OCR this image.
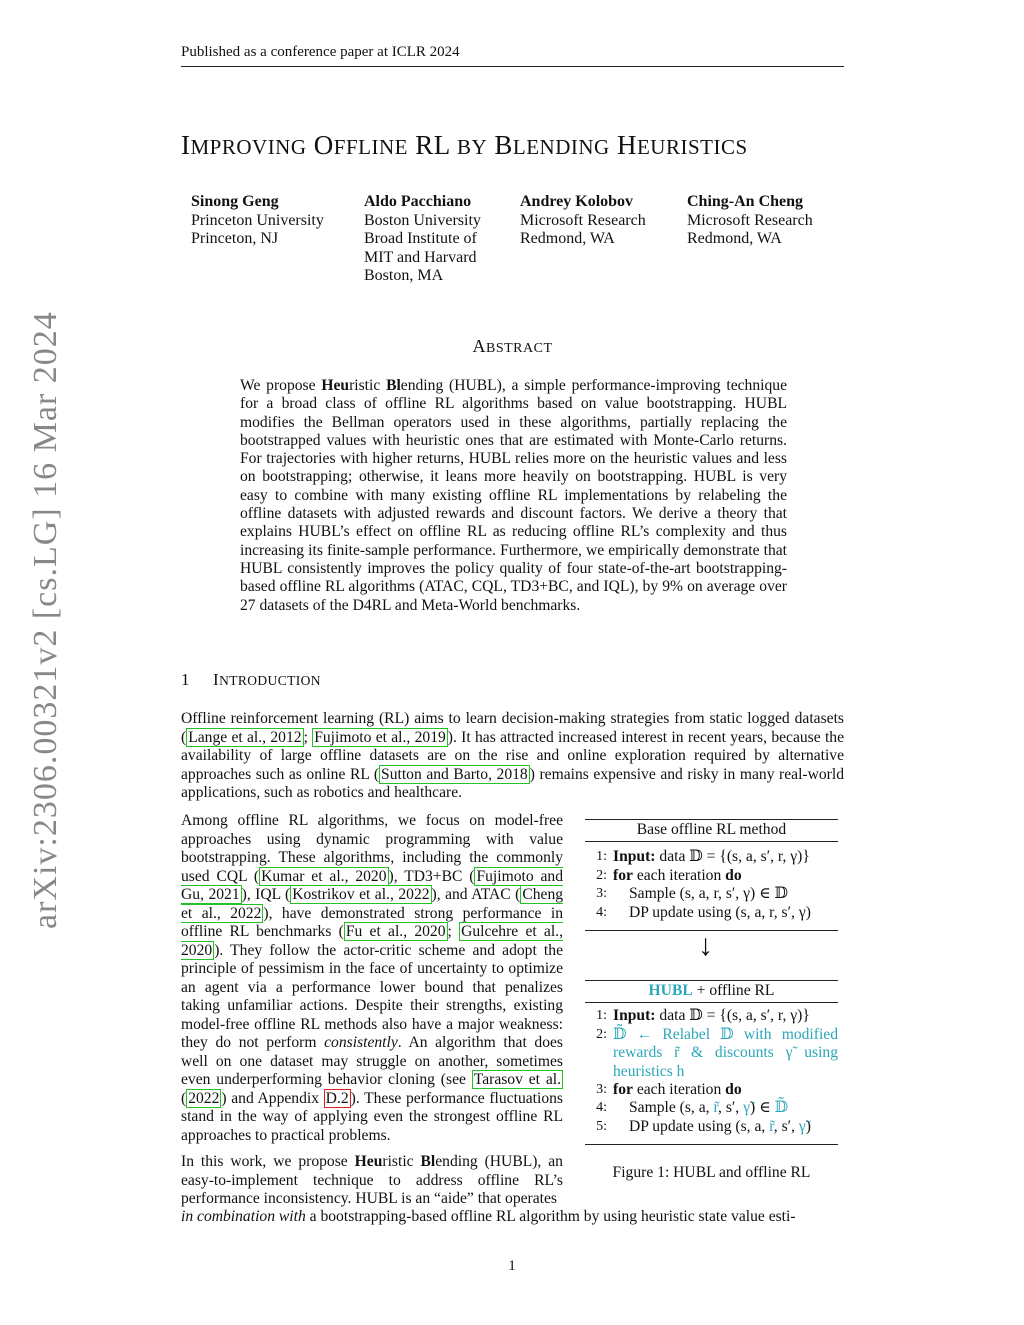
Published as a conference paper at ICLR 2024
IMPROVING OFFLINE RL BY BLENDING HEURISTICS
Sinong Geng
Princeton University
Princeton, NJ
Aldo Pacchiano
Boston University
Broad Institute of
MIT and Harvard
Boston, MA
Andrey Kolobov
Microsoft Research
Redmond, WA
Ching-An Cheng
Microsoft Research
Redmond, WA
arXiv:2306.00321v2 [cs.LG] 16 Mar 2024	ABSTRACT
We propose Heuristic Blending (HUBL), a simple performance-improving technique for a broad class of offline RL algorithms based on value bootstrapping. HUBL modifies the Bellman operators used in these algorithms, partially replacing the bootstrapped values with heuristic ones that are estimated with Monte-Carlo returns. For trajectories with higher returns, HUBL relies more on the heuristic values and less on bootstrapping; otherwise, it leans more heavily on bootstrapping. HUBL is very easy to combine with many existing offline RL implementations by relabeling the offline datasets with adjusted rewards and discount factors. We derive a theory that explains HUBL’s effect on offline RL as reducing offline RL’s complexity and thus increasing its finite-sample performance. Furthermore, we empirically demonstrate that HUBL consistently improves the policy quality of four state-of-the-art bootstrapping-based offline RL algorithms (ATAC, CQL, TD3+BC, and IQL), by 9% on average over 27 datasets of the D4RL and Meta-World benchmarks.
1 INTRODUCTION
Offline reinforcement learning (RL) aims to learn decision-making strategies from static logged datasets ( Lange et al., 2012 ; Fujimoto et al., 2019 ). It has attracted increased interest in recent years, because the availability of large offline datasets are on the rise and online exploration required by alternative approaches such as online RL ( Sutton and Barto, 2018 ) remains expensive and risky in many real-world applications, such as robotics and healthcare.
Among offline RL algorithms, we focus on model-free approaches using dynamic programming with value bootstrapping. These algorithms, including the commonly used CQL ( Kumar et al., 2020 ), TD3+BC ( Fujimoto and Gu, 2021 ), IQL ( Kostrikov et al., 2022 ), and ATAC ( Cheng et al., 2022 ), have demonstrated strong performance in offline RL benchmarks ( Fu et al., 2020 ; Gulcehre et al., 2020 ). They follow the actor-critic scheme and adopt the principle of pessimism in the face of uncertainty to optimize an agent via a performance lower bound that penalizes taking unfamiliar actions. Despite their strengths, existing model-free offline RL methods also have a major weakness: they do not perform consistently. An algorithm that does well on one dataset may struggle on another, sometimes even underperforming behavior cloning (see Tarasov et al. ( 2022 ) and Appendix D.2 ). These performance fluctuations stand in the way of applying even the strongest offline RL approaches to practical problems.
In this work, we propose Heuristic Blending (HUBL), an easy-to-implement technique to address offline RL’s performance inconsistency. HUBL is an “aide” that operates
in combination with a bootstrapping-based offline RL algorithm by using heuristic state value esti-
Base offline RL method
1: Input: data 𝔻 = {(s, a, s′, r, γ)}
2: for each iteration do
3:	Sample (s, a, r, s′, γ) ∈ 𝔻
4:	DP update using (s, a, r, s′, γ)
↓
HUBL + offline RL
1: Input: data 𝔻 = {(s, a, s′, r, γ)}
2: 𝔻̃ ← Relabel 𝔻 with modified rewards r̃ & discounts γ̃ using heuristics h
3: for each iteration do
4:	Sample (s, a, r̃, s′, γ̃) ∈ 𝔻̃
5:	DP update using (s, a, r̃, s′, γ̃)
Figure 1: HUBL and offline RL
1
